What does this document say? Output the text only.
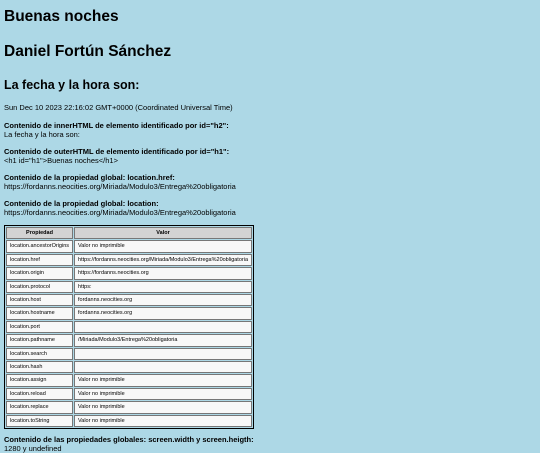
Buenas noches
Daniel Fortún Sánchez
La fecha y la hora son:

Sun Dec 10 2023 22:16:02 GMT+0000 (Coordinated Universal Time)

Contenido de innerHTML de elemento identificado por id="h2":

La fecha y la hora son:

Contenido de outerHTML de elemento identificado por id="h1":

<h1 id="h1">Buenas noches</h1>

Contenido de la propiedad global: location.href:

https://fordanns.neocities.org/Miriada/Modulo3/Entrega%20obligatoria

Contenido de la propiedad global: location:

https://fordanns.neocities.org/Miriada/Modulo3/Entrega%20obligatoria

Propiedad	Valor
location.ancestorOrigins	Valor no imprimible
location.href	https://fordanns.neocities.org/Miriada/Modulo3/Entrega%20obligatoria
location.origin	https://fordanns.neocities.org
location.protocol	https:
location.host	fordanns.neocities.org
location.hostname	fordanns.neocities.org
location.port	
location.pathname	/Miriada/Modulo3/Entrega%20obligatoria
location.search	
location.hash	
location.assign	Valor no imprimible
location.reload	Valor no imprimible
location.replace	Valor no imprimible
location.toString	Valor no imprimible

Contenido de las propiedades globales: screen.width y screen.heigth:

1280 y undefined
